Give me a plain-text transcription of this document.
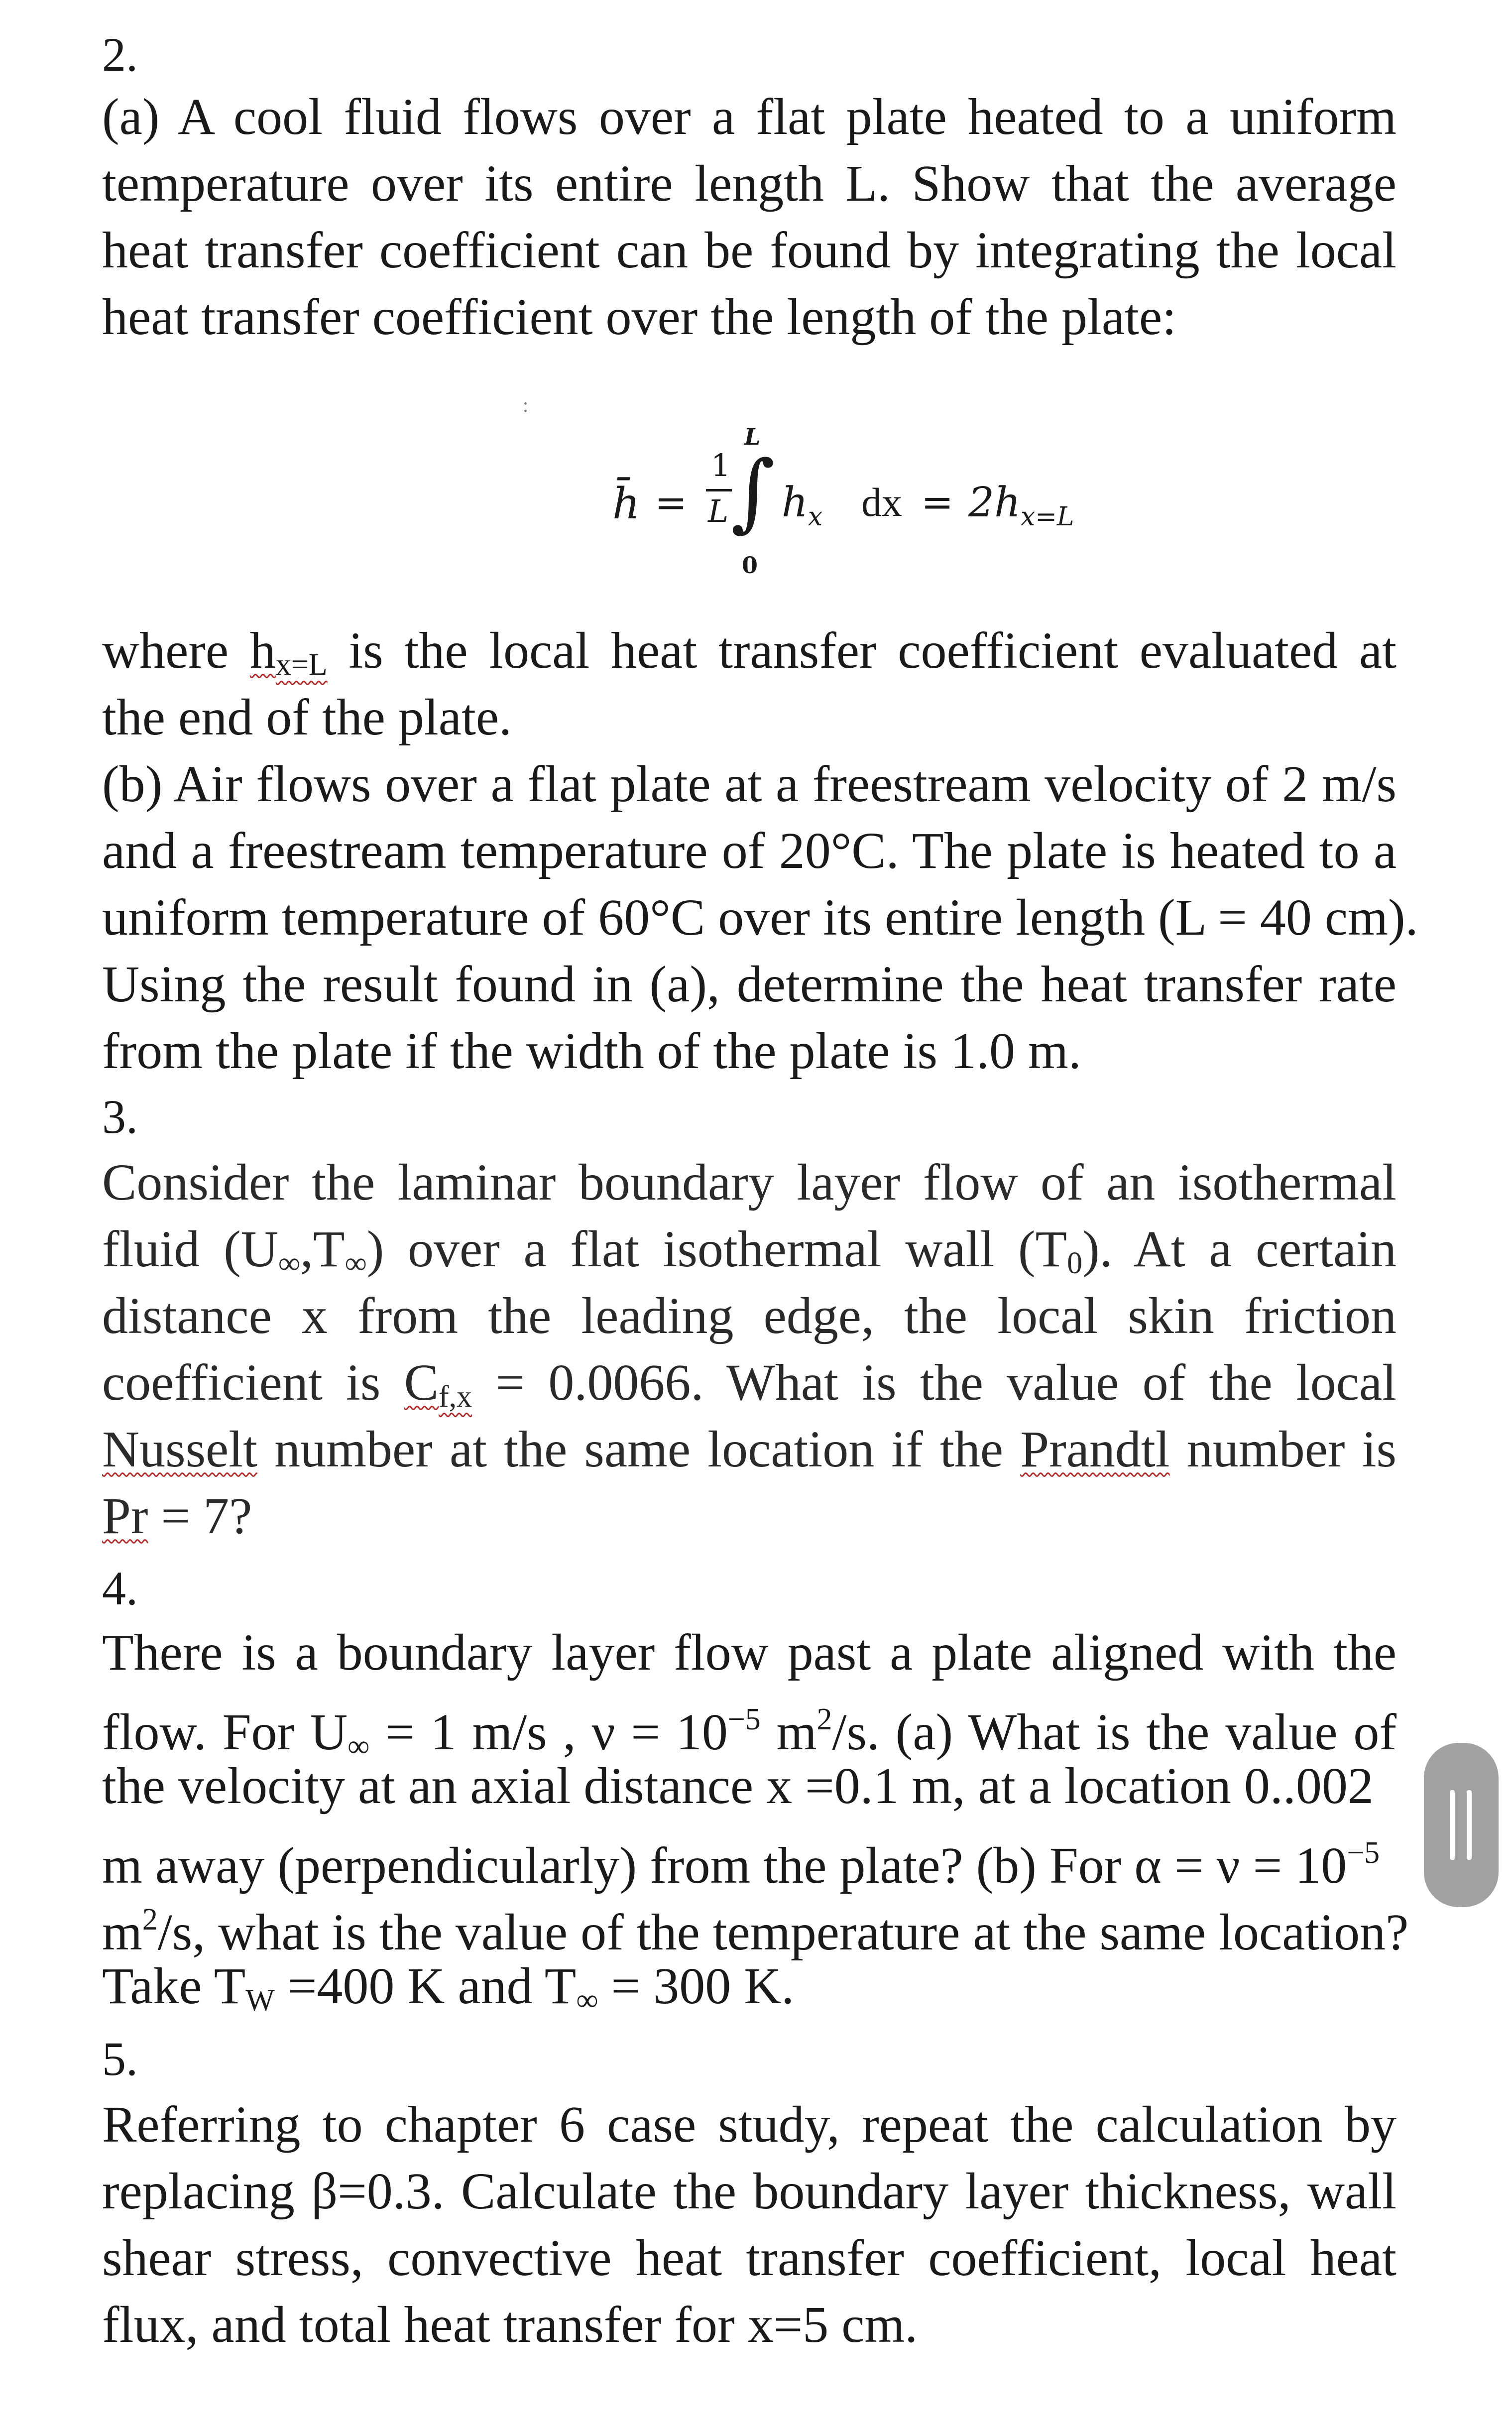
2.
(a) A cool fluid flows over a flat plate heated to a uniform
temperature over its entire length L. Show that the average
heat transfer coefficient can be found by integrating the local
heat transfer coefficient over the length of the plate:
:
h̄ =
1
L
L
∫
0
$h_x$ dx = $2h_{x=L}$
where $h_{x=L}$ is the local heat transfer coefficient evaluated at
the end of the plate.
(b) Air flows over a flat plate at a freestream velocity of 2 m/s
and a freestream temperature of 20°C. The plate is heated to a
uniform temperature of 60°C over its entire length (L = 40 cm).
Using the result found in (a), determine the heat transfer rate
from the plate if the width of the plate is 1.0 m.
3.
Consider the laminar boundary layer flow of an isothermal
fluid $(U_\infty,T_\infty)$ over a flat isothermal wall $(T_0)$. At a certain
distance x from the leading edge, the local skin friction
coefficient is $C_{f,x} = 0.0066$. What is the value of the local
Nusselt number at the same location if the Prandtl number is
Pr = 7?
4.
There is a boundary layer flow past a plate aligned with the
flow. For $U_\infty = 1$ m/s , $\nu = 10^{-5}$ $m^2/s$. (a) What is the value of
the velocity at an axial distance x =0.1 m, at a location 0..002
m away (perpendicularly) from the plate? (b) For $\alpha = \nu = 10^{-5}$
$m^2/s$, what is the value of the temperature at the same location?
Take $T_W =400$ K and $T_\infty = 300$ K.
5.
Referring to chapter 6 case study, repeat the calculation by
replacing β=0.3. Calculate the boundary layer thickness, wall
shear stress, convective heat transfer coefficient, local heat
flux, and total heat transfer for x=5 cm.
